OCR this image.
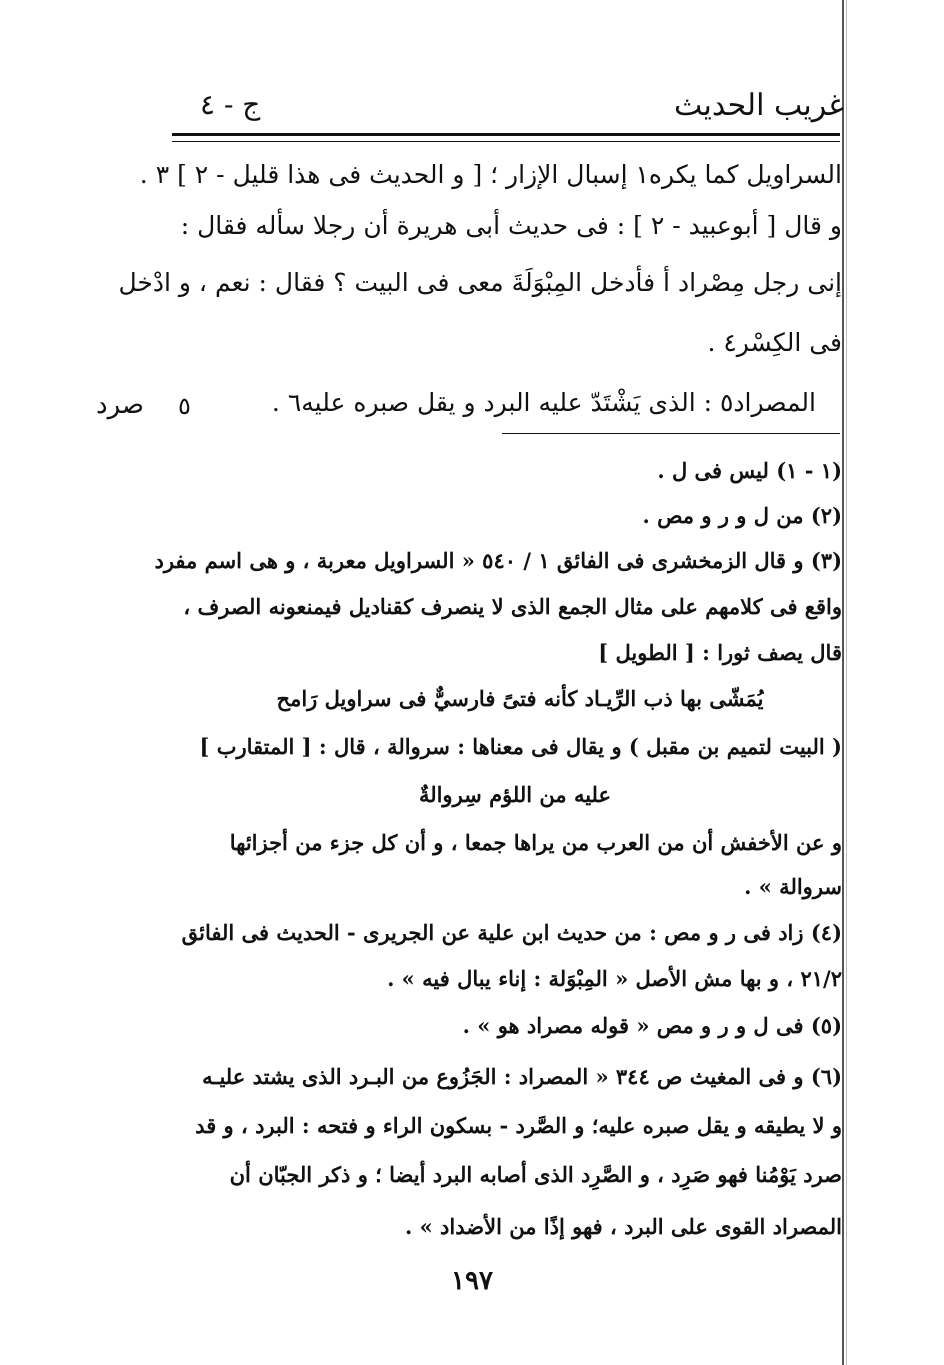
غريب الحديث
ج - ٤
السراويل كما يكره١ إسبال الإزار ؛ [ و الحديث فى هذا قليل - ٢ ] ٣ .
و قال [ أبوعبيد - ٢ ] : فى حديث أبى هريرة أن رجلا سأله فقال :
إنى رجل مِصْراد أ فأدخل المِبْوَلَةَ معى فى البيت ؟ فقال : نعم ، و ادْخل
فى الكِسْر٤ .
المصراد٥ : الذى يَشْتَدّ عليه البرد و يقل صبره عليه٦ .
٥
صرد
(١ - ١) ليس فى ل .
(٢) من ل و ر و مص .
(٣) و قال الزمخشرى فى الفائق ١ / ٥٤٠ « السراويل معربة ، و هى اسم مفرد
واقع فى كلامهم على مثال الجمع الذى لا ينصرف كقناديل فيمنعونه الصرف ،
قال يصف ثورا : [ الطويل ]
يُمَشّى بها ذب الرِّيـاد كأنه فتىً فارسيٌّ فى سراويل رَامح
( البيت لتميم بن مقبل ) و يقال فى معناها : سروالة ، قال : [ المتقارب ]
عليه من اللؤم سِروالةٌ
و عن الأخفش أن من العرب من يراها جمعا ، و أن كل جزء من أجزائها
سروالة » .
(٤) زاد فى ر و مص : من حديث ابن علية عن الجريرى - الحديث فى الفائق
٢١/٢ ، و بها مش الأصل « المِبْوَلة : إناء يبال فيه » .
(٥) فى ل و ر و مص « قوله مصراد هو » .
(٦) و فى المغيث ص ٣٤٤ « المصراد : الجَزُوع من البـرد الذى يشتد عليـه
و لا يطيقه و يقل صبره عليه؛ و الصَّرد - بسكون الراء و فتحه : البرد ، و قد
صرد يَوْمُنا فهو صَرِد ، و الصَّرِد الذى أصابه البرد أيضا ؛ و ذكر الجبّان أن
المصراد القوى على البرد ، فهو إذًا من الأضداد » .
١٩٧
